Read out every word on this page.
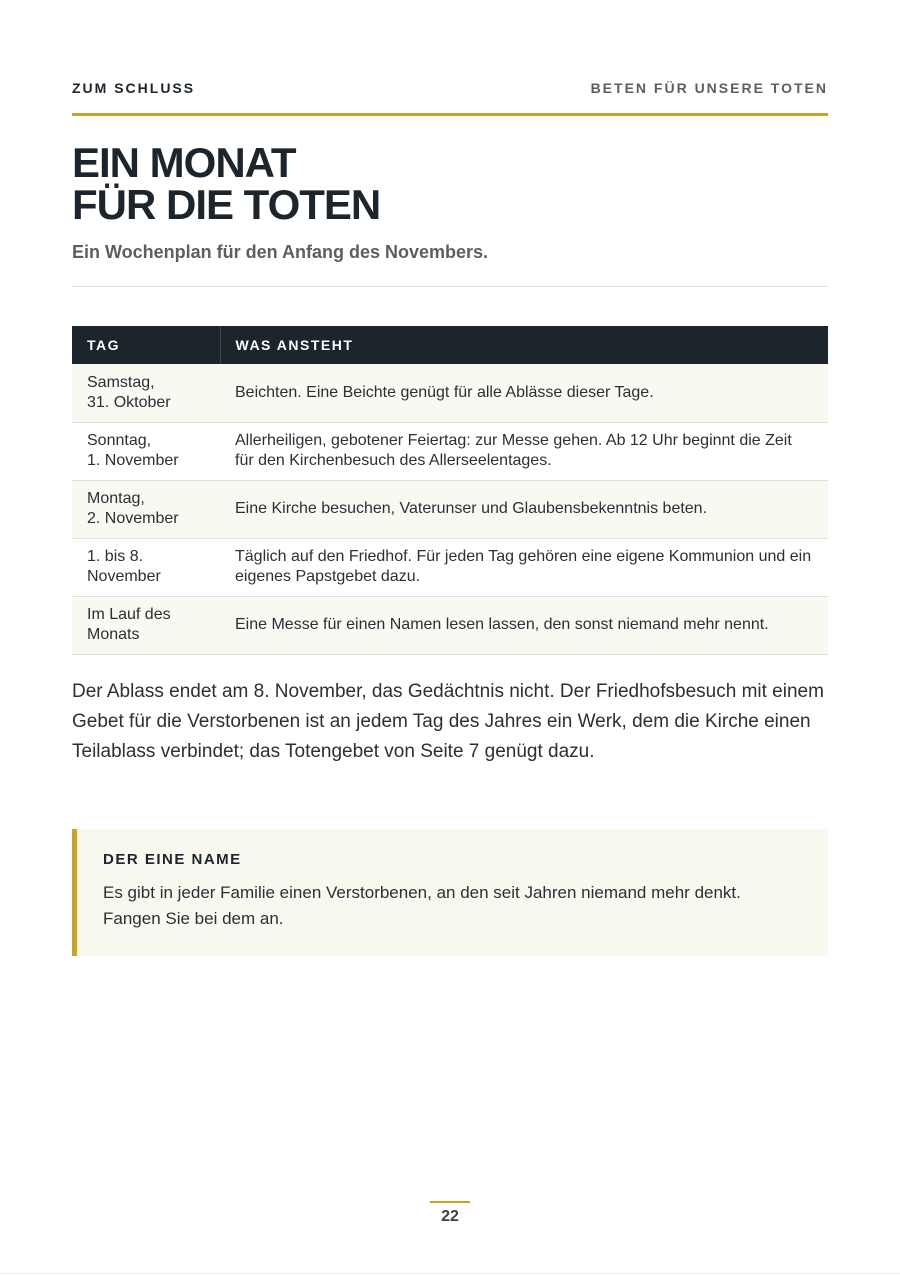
ZUM SCHLUSS	BETEN FÜR UNSERE TOTEN
EIN MONAT
FÜR DIE TOTEN
Ein Wochenplan für den Anfang des Novembers.
TAG	WAS ANSTEHT
Samstag,
31. Oktober	Beichten. Eine Beichte genügt für alle Ablässe dieser Tage.
Sonntag,
1. November	Allerheiligen, gebotener Feiertag: zur Messe gehen. Ab 12 Uhr beginnt die Zeit für den Kirchenbesuch des Allerseelentages.
Montag,
2. November	Eine Kirche besuchen, Vaterunser und Glaubensbekenntnis beten.
1. bis 8.
November	Täglich auf den Friedhof. Für jeden Tag gehören eine eigene Kommunion und ein eigenes Papstgebet dazu.
Im Lauf des
Monats	Eine Messe für einen Namen lesen lassen, den sonst niemand mehr nennt.

Der Ablass endet am 8. November, das Gedächtnis nicht. Der Friedhofsbesuch mit einem Gebet für die Verstorbenen ist an jedem Tag des Jahres ein Werk, dem die Kirche einen Teilablass verbindet; das Totengebet von Seite 7 genügt dazu.

DER EINE NAME
Es gibt in jeder Familie einen Verstorbenen, an den seit Jahren niemand mehr denkt. Fangen Sie bei dem an.
22
